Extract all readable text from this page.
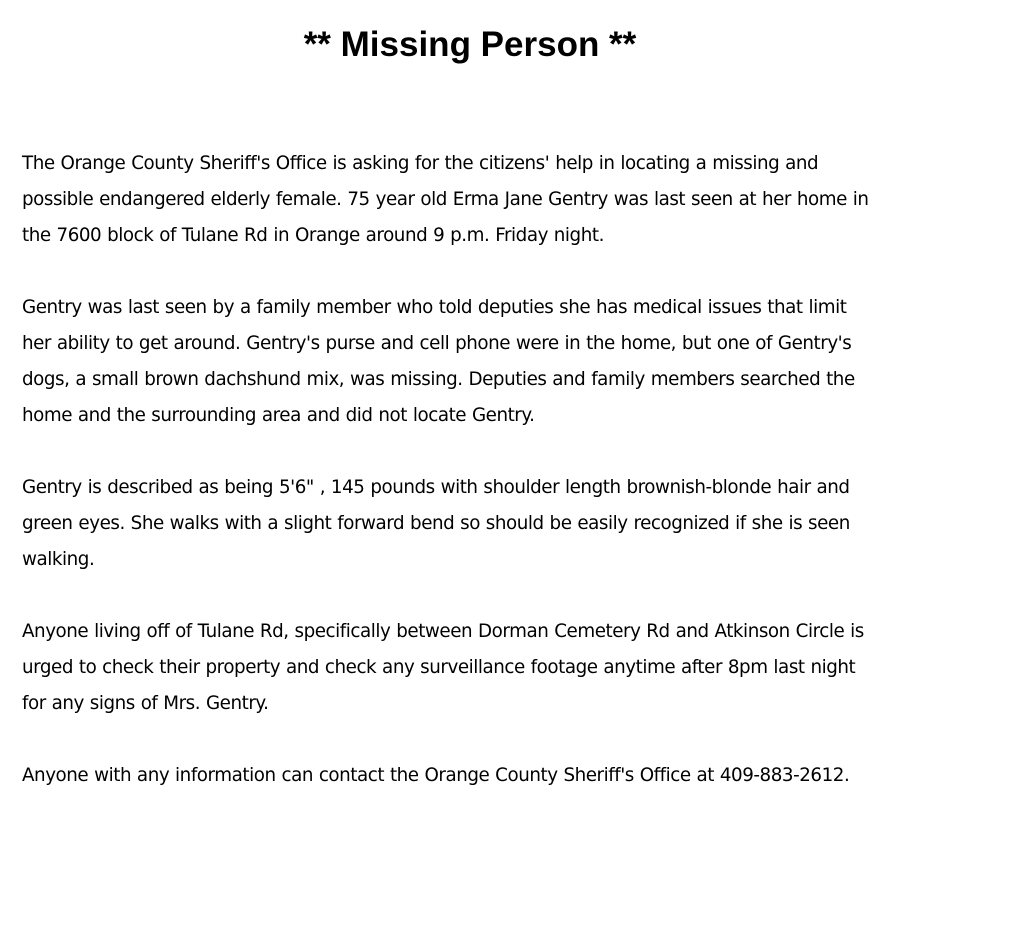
** Missing Person **

The Orange County Sheriff's Office is asking for the citizens' help in locating a missing and
possible endangered elderly female. 75 year old Erma Jane Gentry was last seen at her home in
the 7600 block of Tulane Rd in Orange around 9 p.m. Friday night.

Gentry was last seen by a family member who told deputies she has medical issues that limit
her ability to get around. Gentry's purse and cell phone were in the home, but one of Gentry's
dogs, a small brown dachshund mix, was missing. Deputies and family members searched the
home and the surrounding area and did not locate Gentry.

Gentry is described as being 5'6" , 145 pounds with shoulder length brownish-blonde hair and
green eyes. She walks with a slight forward bend so should be easily recognized if she is seen
walking.

Anyone living off of Tulane Rd, specifically between Dorman Cemetery Rd and Atkinson Circle is
urged to check their property and check any surveillance footage anytime after 8pm last night
for any signs of Mrs. Gentry.

Anyone with any information can contact the Orange County Sheriff's Office at 409-883-2612.
